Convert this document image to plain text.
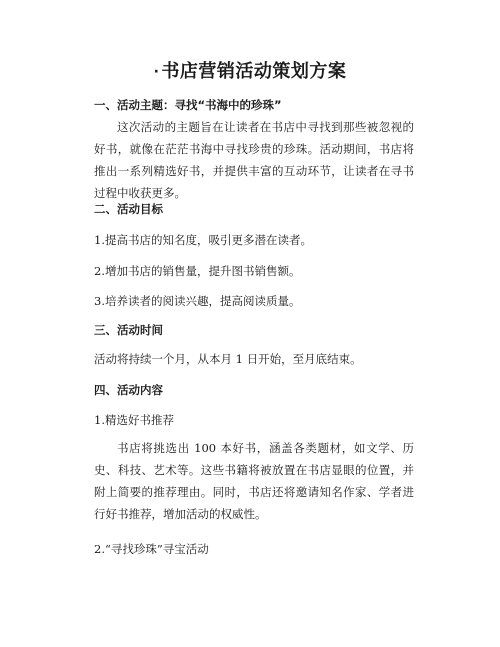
· 书店营销活动策划方案
一、活动主题：寻找“书海中的珍珠”

这次活动的主题旨在让读者在书店中寻找到那些被忽视的好书，就像在茫茫书海中寻找珍贵的珍珠。活动期间，书店将推出一系列精选好书，并提供丰富的互动环节，让读者在寻书过程中收获更多。

二、活动目标
1.提高书店的知名度，吸引更多潜在读者。
2.增加书店的销售量，提升图书销售额。
3.培养读者的阅读兴趣，提高阅读质量。
三、活动时间
活动将持续一个月，从本月 1 日开始，至月底结束。
四、活动内容
1.精选好书推荐

书店将挑选出 100 本好书，涵盖各类题材，如文学、历史、科技、艺术等。这些书籍将被放置在书店显眼的位置，并附上简要的推荐理由。同时，书店还将邀请知名作家、学者进行好书推荐，增加活动的权威性。

2.“寻找珍珠”寻宝活动
